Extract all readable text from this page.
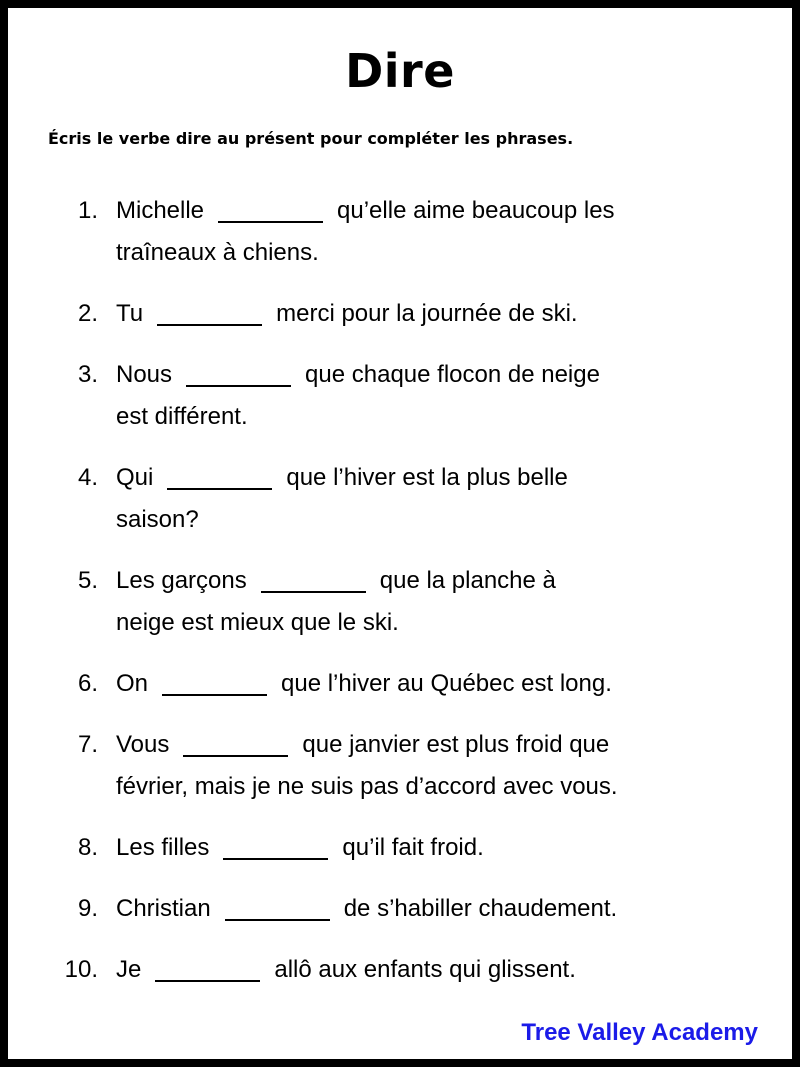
Dire

Écris le verbe dire au présent pour compléter les phrases.

1. Michelle	qu’elle aime beaucoup les
traîneaux à chiens.
2. Tu	merci pour la journée de ski.
3. Nous	que chaque flocon de neige
est différent.
4. Qui	que l’hiver est la plus belle
saison?
5. Les garçons	que la planche à
neige est mieux que le ski.
6. On	que l’hiver au Québec est long.
7. Vous	que janvier est plus froid que
février, mais je ne suis pas d’accord avec vous.
8. Les filles	qu’il fait froid.
9. Christian	de s’habiller chaudement.
10. Je	allô aux enfants qui glissent.
Tree Valley Academy
